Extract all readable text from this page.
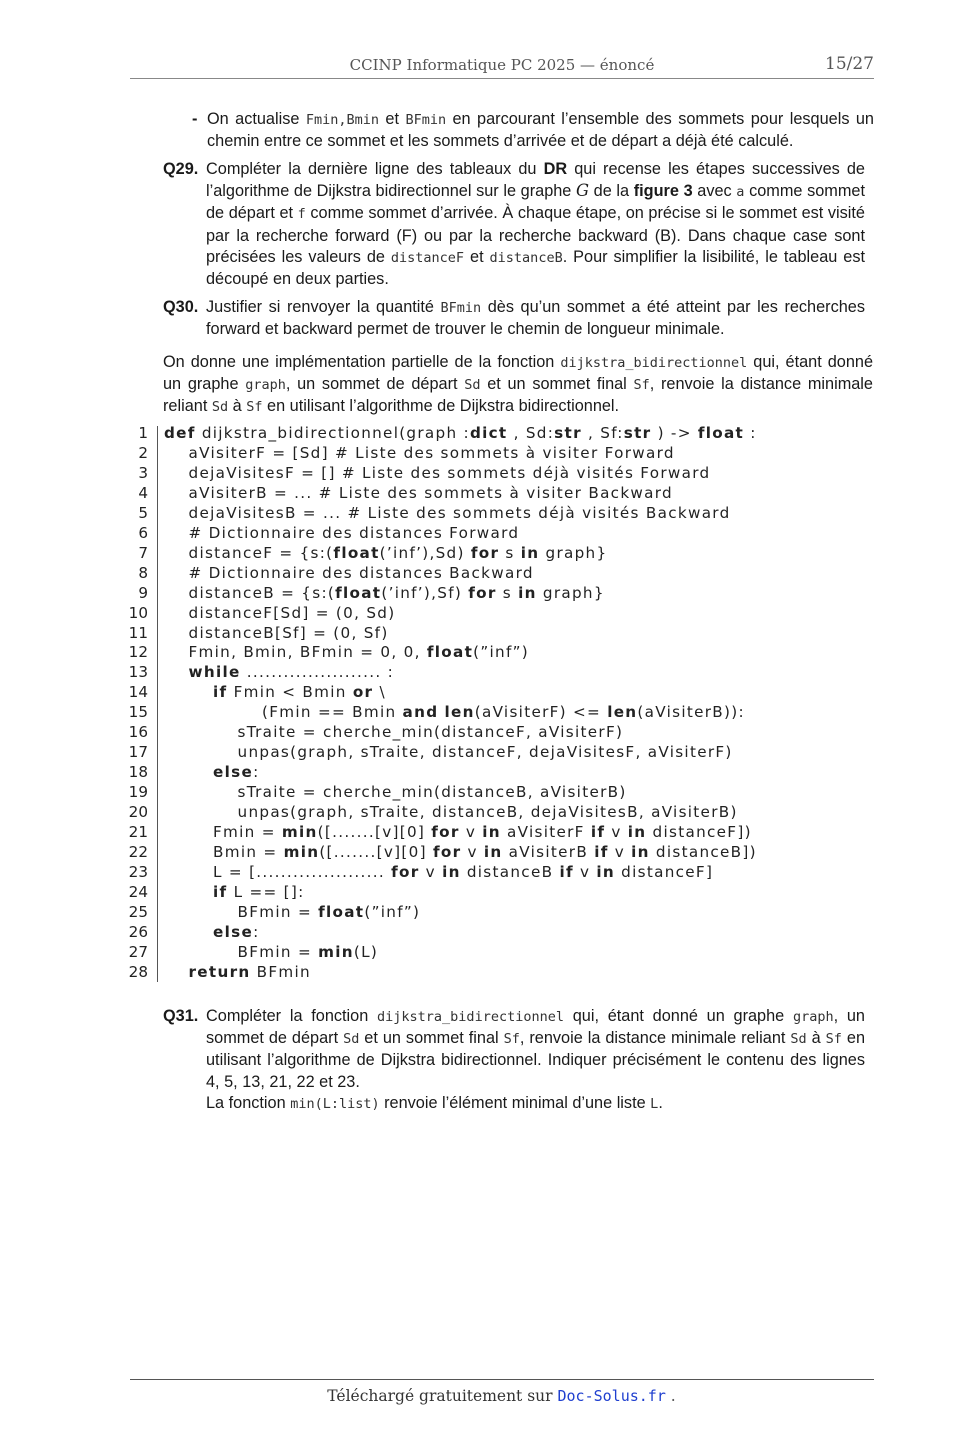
CCINP Informatique PC 2025 — énoncé	15/27
- On actualise Fmin,Bmin et BFmin en parcourant l’ensemble des sommets pour lesquels un chemin entre ce sommet et les sommets d’arrivée et de départ a déjà été calculé.
Q29. Compléter la dernière ligne des tableaux du DR qui recense les étapes successives de l’algorithme de Dijkstra bidirectionnel sur le graphe G de la figure 3 avec a comme sommet de départ et f comme sommet d’arrivée. À chaque étape, on précise si le sommet est visité par la recherche forward (F) ou par la recherche backward (B). Dans chaque case sont précisées les valeurs de distanceF et distanceB. Pour simplifier la lisibilité, le tableau est découpé en deux parties.
Q30. Justifier si renvoyer la quantité BFmin dès qu’un sommet a été atteint par les recherches forward et backward permet de trouver le chemin de longueur minimale.
On donne une implémentation partielle de la fonction dijkstra_bidirectionnel qui, étant donné un graphe graph, un sommet de départ Sd et un sommet final Sf, renvoie la distance minimale reliant Sd à Sf en utilisant l’algorithme de Dijkstra bidirectionnel.
1 def dijkstra_bidirectionnel(graph :dict , Sd:str , Sf:str ) -> float :
2 aVisiterF = [Sd] # Liste des sommets à visiter Forward
3 dejaVisitesF = [] # Liste des sommets déjà visités Forward
4 aVisiterB = ... # Liste des sommets à visiter Backward
5 dejaVisitesB = ... # Liste des sommets déjà visités Backward
6 # Dictionnaire des distances Forward
7 distanceF = {s:(float(’inf’),Sd) for s in graph}
8 # Dictionnaire des distances Backward
9 distanceB = {s:(float(’inf’),Sf) for s in graph}
10 distanceF[Sd] = (0, Sd)
11 distanceB[Sf] = (0, Sf)
12 Fmin, Bmin, BFmin = 0, 0, float(”inf”)
13	while ...................... :
14	if Fmin < Bmin or \
15 (Fmin == Bmin and len(aVisiterF) <= len(aVisiterB)):
16 sTraite = cherche_min(distanceF, aVisiterF)
17 unpas(graph, sTraite, distanceF, dejaVisitesF, aVisiterF)
18	else:
19 sTraite = cherche_min(distanceB, aVisiterB)
20 unpas(graph, sTraite, distanceB, dejaVisitesB, aVisiterB)
21 Fmin = min([.......[v][0] for v in aVisiterF if v in distanceF])
22 Bmin = min([.......[v][0] for v in aVisiterB if v in distanceB])
23 L = [..................... for v in distanceB if v in distanceF]
24	if L == []:
25 BFmin = float(”inf”)
26	else:
27 BFmin = min(L)
28	return BFmin
Q31. Compléter la fonction dijkstra_bidirectionnel qui, étant donné un graphe graph, un sommet de départ Sd et un sommet final Sf, renvoie la distance minimale reliant Sd à Sf en utilisant l’algorithme de Dijkstra bidirectionnel. Indiquer précisément le contenu des lignes 4, 5, 13, 21, 22 et 23.
La fonction min(L:list) renvoie l’élément minimal d’une liste L.
Téléchargé gratuitement sur Doc-Solus.fr .
